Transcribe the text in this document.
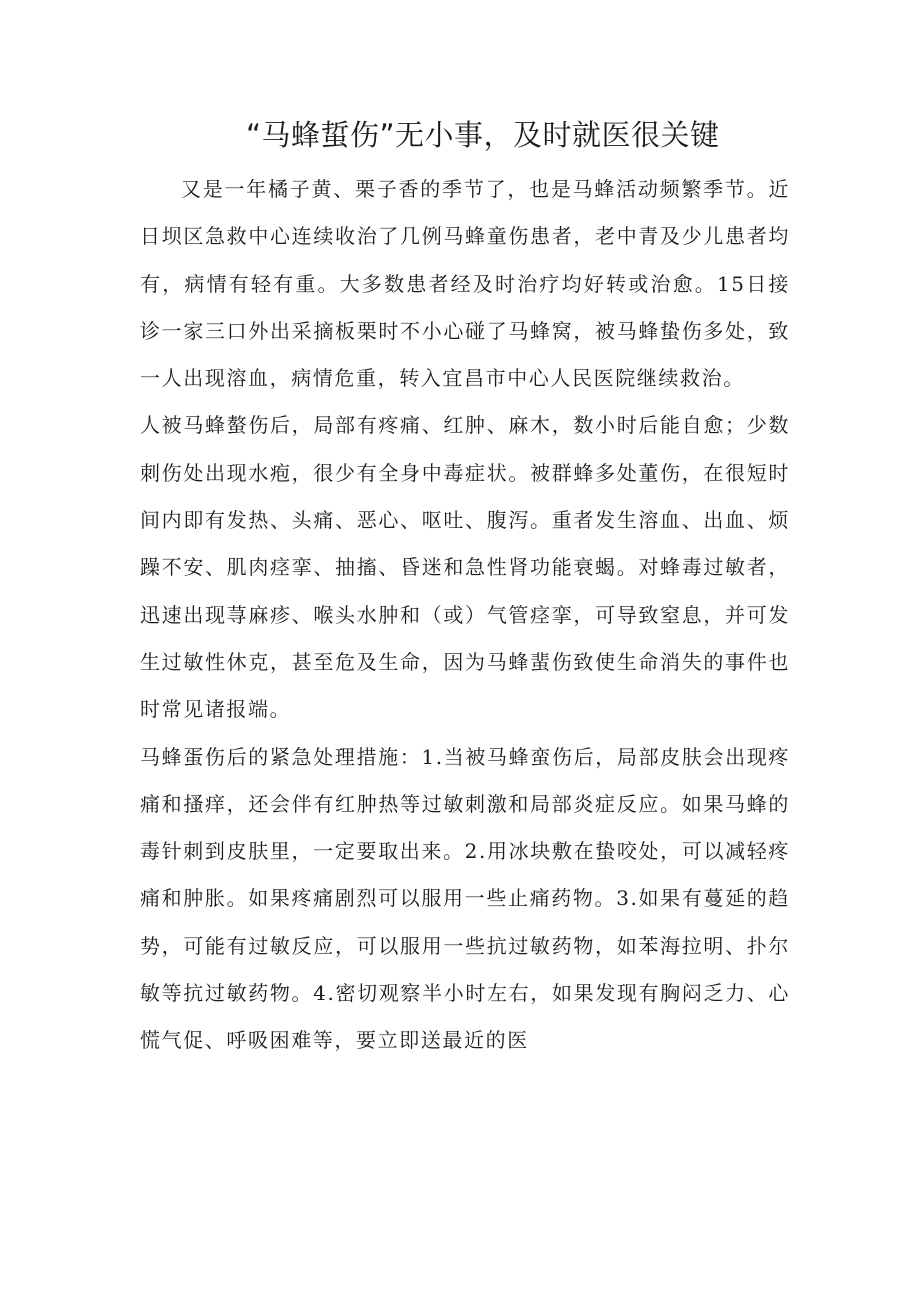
“马蜂蜇伤”无小事，及时就医很关键

又是一年橘子黄、栗子香的季节了，也是马蜂活动频繁季节。近日坝区急救中心连续收治了几例马蜂童伤患者，老中青及少儿患者均有，病情有轻有重。大多数患者经及时治疗均好转或治愈。15日接诊一家三口外出采摘板栗时不小心碰了马蜂窝，被马蜂蛰伤多处，致一人出现溶血，病情危重，转入宜昌市中心人民医院继续救治。

人被马蜂螯伤后，局部有疼痛、红肿、麻木，数小时后能自愈；少数刺伤处出现水疱，很少有全身中毒症状。被群蜂多处董伤，在很短时间内即有发热、头痛、恶心、呕吐、腹泻。重者发生溶血、出血、烦躁不安、肌肉痉挛、抽搐、昏迷和急性肾功能衰蝎。对蜂毒过敏者，迅速出现荨麻疹、喉头水肿和（或）气管痉挛，可导致窒息，并可发生过敏性休克，甚至危及生命，因为马蜂蜚伤致使生命消失的事件也时常见诸报端。

马蜂蛋伤后的紧急处理措施：1.当被马蜂蛮伤后，局部皮肤会出现疼痛和搔痒，还会伴有红肿热等过敏刺激和局部炎症反应。如果马蜂的毒针刺到皮肤里，一定要取出来。2.用冰块敷在蛰咬处，可以减轻疼痛和肿胀。如果疼痛剧烈可以服用一些止痛药物。3.如果有蔓延的趋势，可能有过敏反应，可以服用一些抗过敏药物，如苯海拉明、扑尔敏等抗过敏药物。4.密切观察半小时左右，如果发现有胸闷乏力、心慌气促、呼吸困难等，要立即送最近的医
